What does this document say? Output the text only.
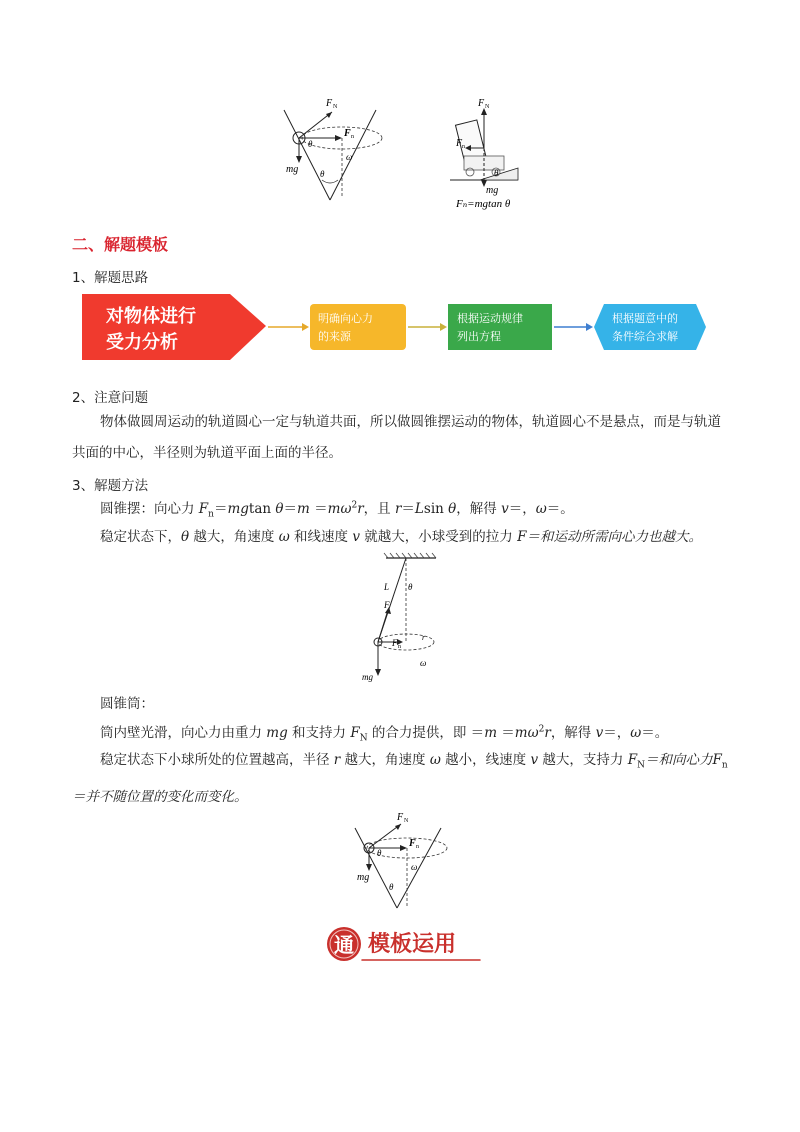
F N
F n
θ
ω
mg θ
F N
F n
θ
mg
Fₙ=mgtan θ
二、解题模板
1、解题思路
对物体进行
受力分析
明确向心力
的来源
根据运动规律
列出方程
根据题意中的
条件综合求解
2、注意问题
物体做圆周运动的轨道圆心一定与轨道共面，所以做圆锥摆运动的物体，轨道圆心不是悬点，而是与轨道共面的中心，半径则为轨道平面上面的半径。
3、解题方法
圆锥摆：向心力 $F_n=mgtan$ $\theta=m =m\omega^2r$，且 r＝Lsin θ，解得 v＝，ω＝。
稳定状态下，θ 越大，角速度 ω 和线速度 v 就越大，小球受到的拉力 F＝和运动所需向心力也越大。
L θ
F
F n
r
ω
mg
圆锥筒：
筒内壁光滑，向心力由重力 mg 和支持力 $F_N$ 的合力提供，即 $=m =m\omega^2r$，解得 v＝，ω＝。
稳定状态下小球所处的位置越高，半径 r 越大，角速度 ω 越小，线速度 v 越大，支持力 $F_N=$和向心力$F_n=$并不随位置的变化而变化。
F N
F n
θ
ω
mg
θ
通 模板运用
